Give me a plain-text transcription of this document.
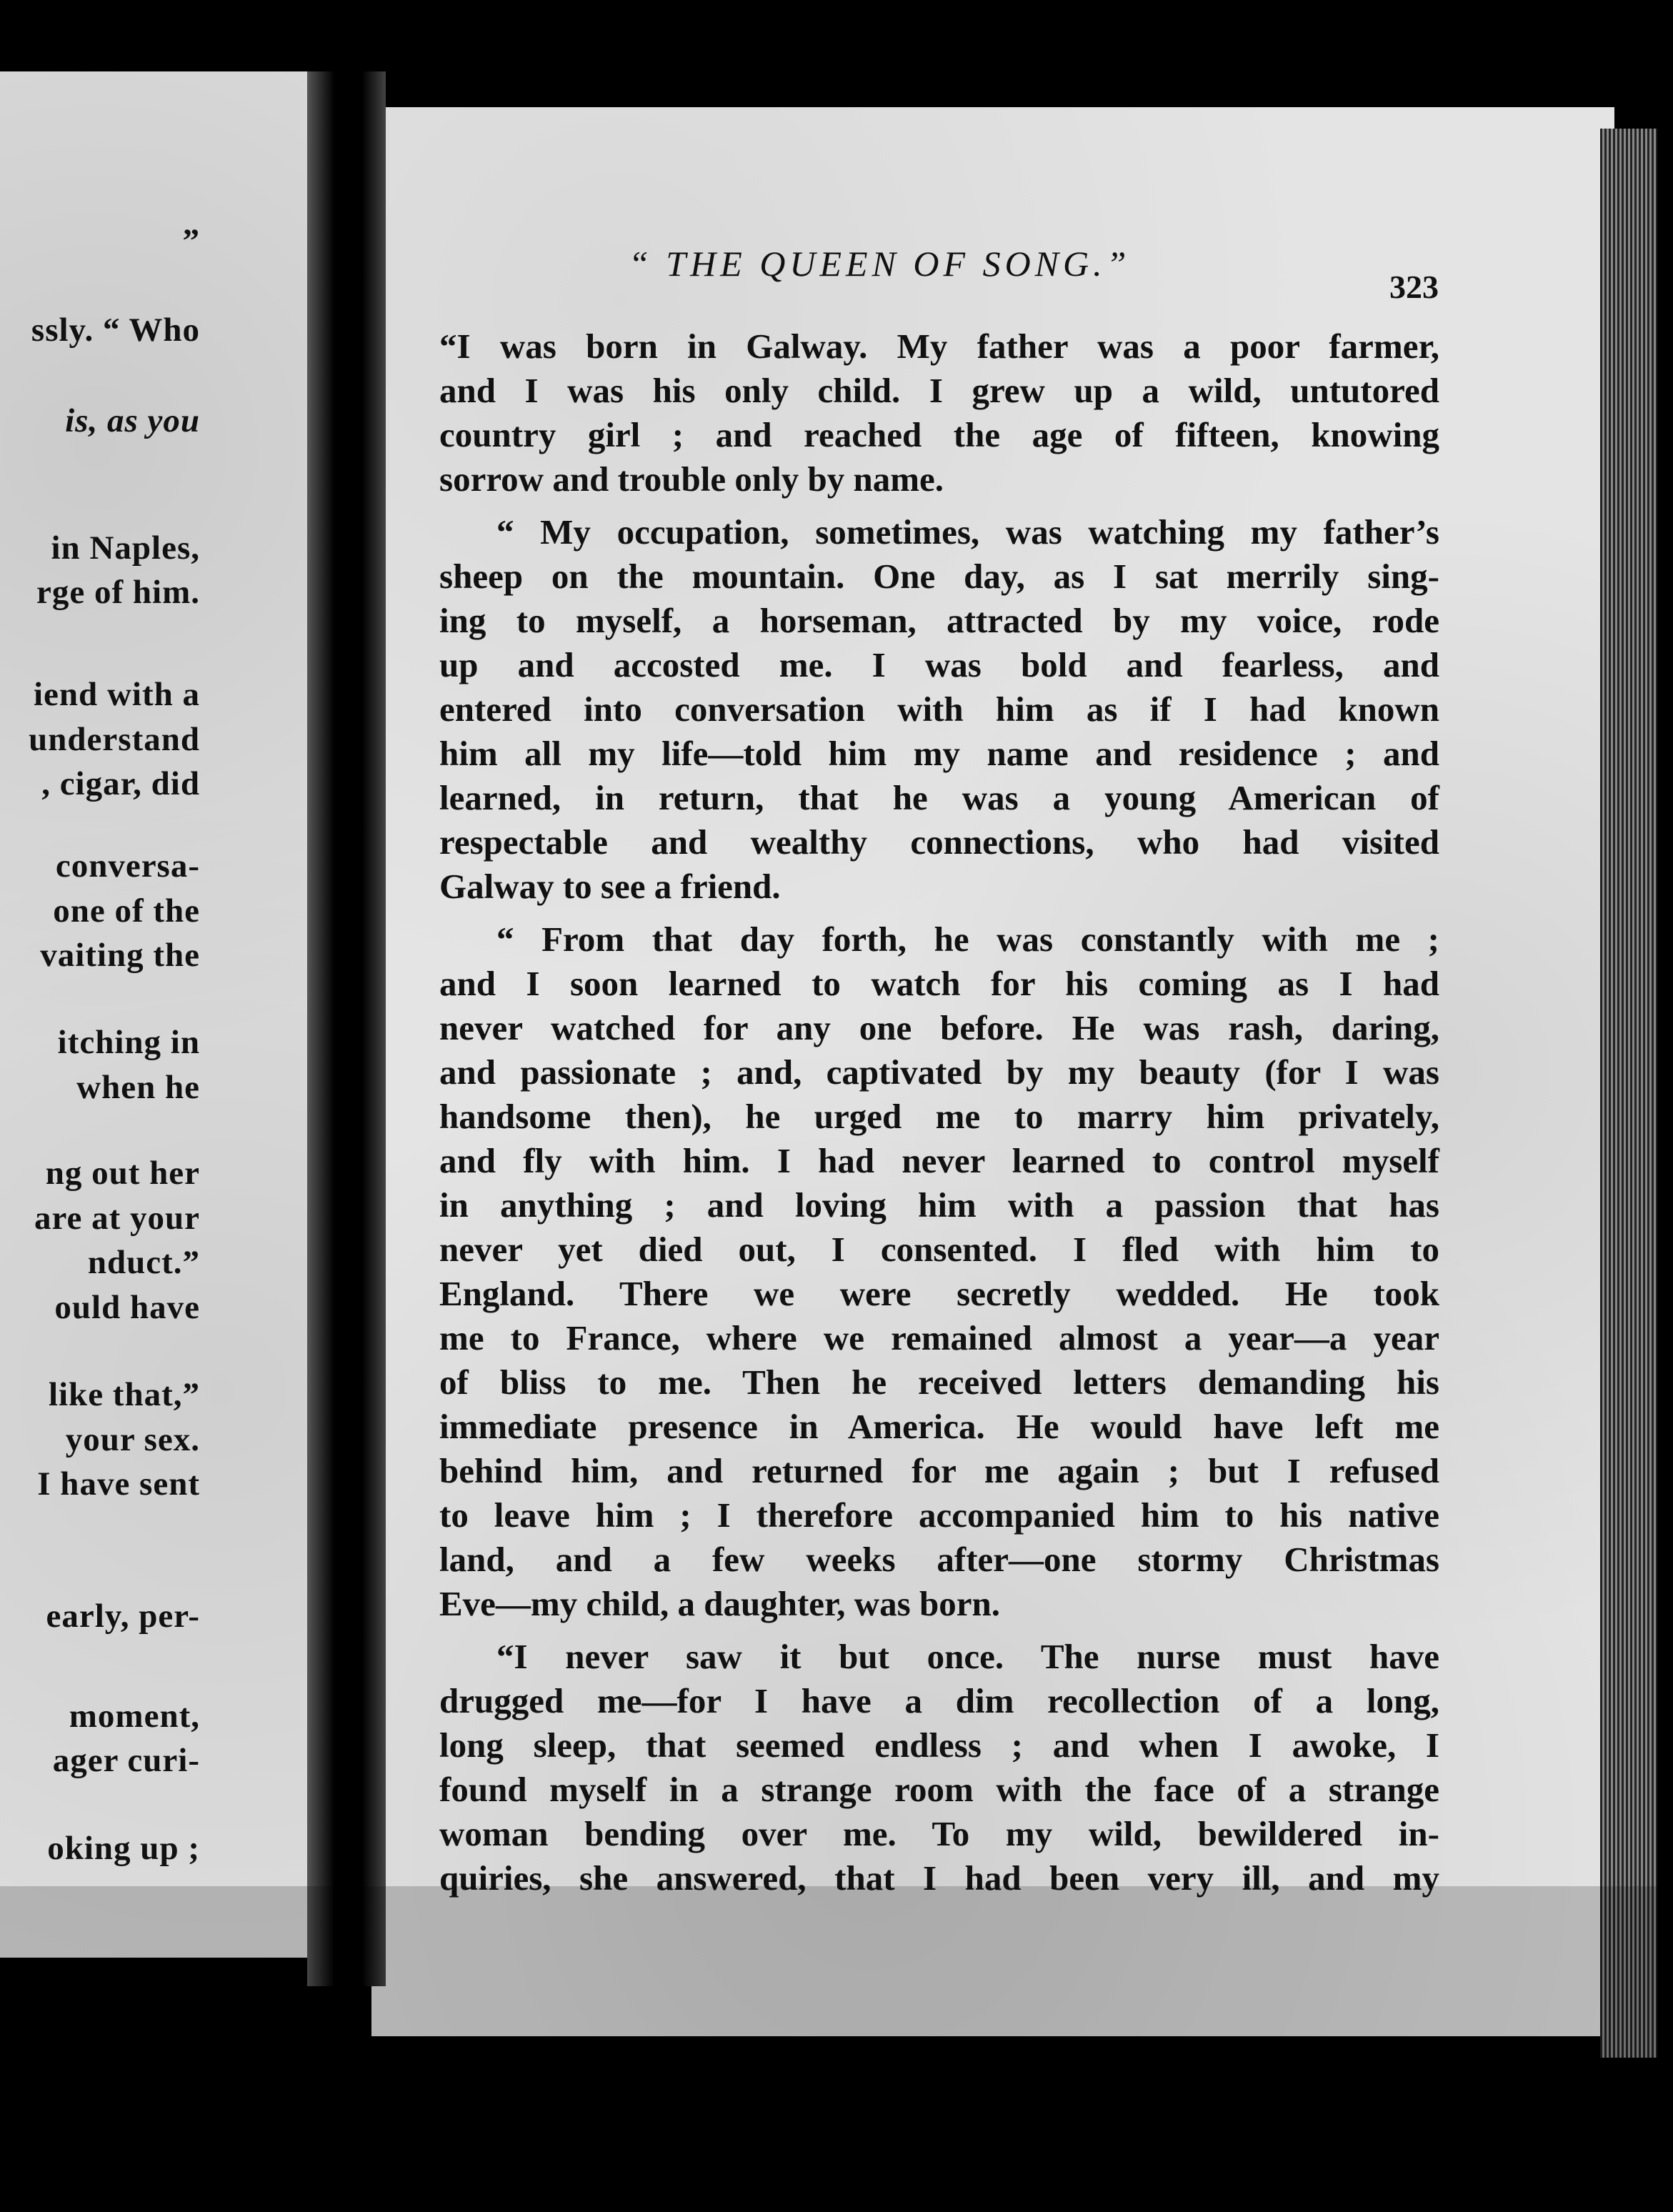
”
ssly. “ Who
is, as you
in Naples,
rge of him.
iend with a
understand
, cigar, did
conversa-
one of the
vaiting the
itching in
when he
ng out her
are at your
nduct.”
ould have
like that,”
your sex.
I have sent
early, per-
moment,
ager curi-
oking up ;
“ THE QUEEN OF SONG.”
323
“I was born in Galway. My father was a poor farmer,
and I was his only child. I grew up a wild, untutored
country girl ; and reached the age of fifteen, knowing
sorrow and trouble only by name.
“ My occupation, sometimes, was watching my father’s
sheep on the mountain. One day, as I sat merrily sing-
ing to myself, a horseman, attracted by my voice, rode
up and accosted me. I was bold and fearless, and
entered into conversation with him as if I had known
him all my life—told him my name and residence ; and
learned, in return, that he was a young American of
respectable and wealthy connections, who had visited
Galway to see a friend.
“ From that day forth, he was constantly with me ;
and I soon learned to watch for his coming as I had
never watched for any one before. He was rash, daring,
and passionate ; and, captivated by my beauty (for I was
handsome then), he urged me to marry him privately,
and fly with him. I had never learned to control myself
in anything ; and loving him with a passion that has
never yet died out, I consented. I fled with him to
England. There we were secretly wedded. He took
me to France, where we remained almost a year—a year
of bliss to me. Then he received letters demanding his
immediate presence in America. He would have left me
behind him, and returned for me again ; but I refused
to leave him ; I therefore accompanied him to his native
land, and a few weeks after—one stormy Christmas
Eve—my child, a daughter, was born.
“I never saw it but once. The nurse must have
drugged me—for I have a dim recollection of a long,
long sleep, that seemed endless ; and when I awoke, I
found myself in a strange room with the face of a strange
woman bending over me. To my wild, bewildered in-
quiries, she answered, that I had been very ill, and my
